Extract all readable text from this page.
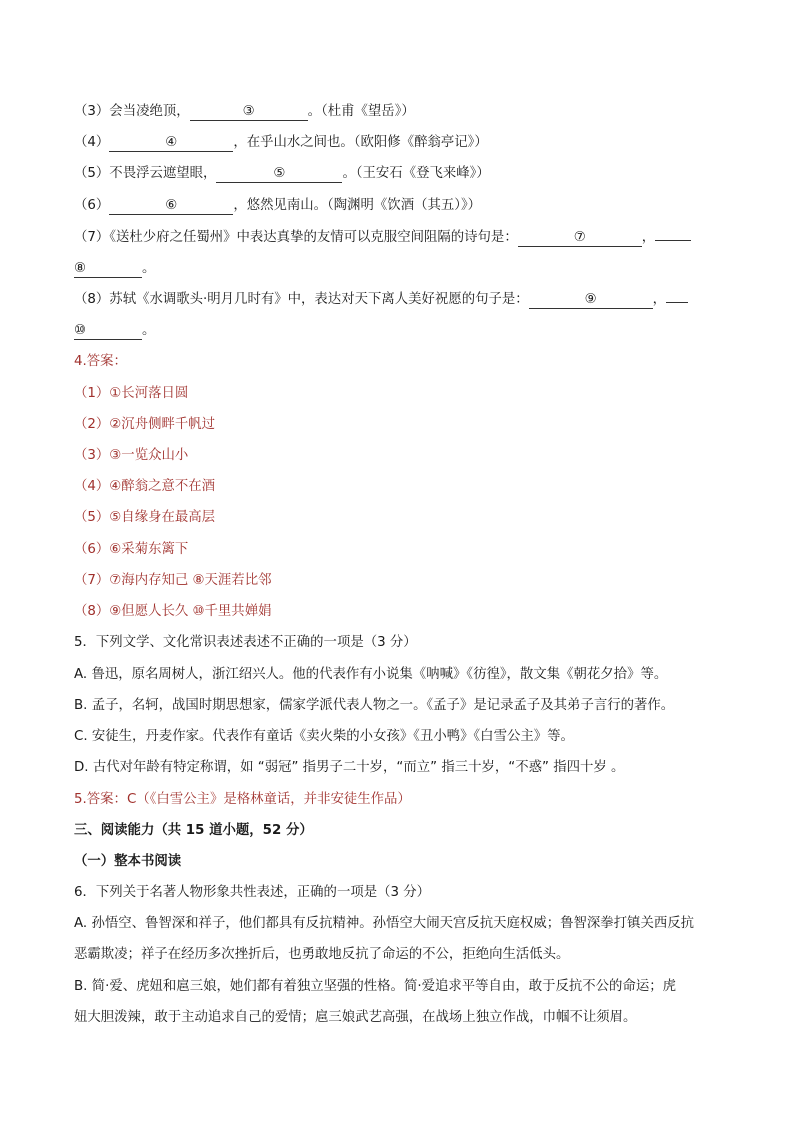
（3）会当凌绝顶，	③	。（杜甫《望岳》）
（4）	④	，在乎山水之间也。（欧阳修《醉翁亭记》）
（5）不畏浮云遮望眼，	⑤	。（王安石《登飞来峰》）
（6）	⑥	，悠然见南山。（陶渊明《饮酒（其五）》）
（7）《送杜少府之任蜀州》中表达真挚的友情可以克服空间阻隔的诗句是：	⑦	，
⑧	。
（8）苏轼《水调歌头·明月几时有》中，表达对天下离人美好祝愿的句子是：	⑨	，
⑩	。
4.答案：
（1）①长河落日圆
（2）②沉舟侧畔千帆过
（3）③一览众山小
（4）④醉翁之意不在酒
（5）⑤自缘身在最高层
（6）⑥采菊东篱下
（7）⑦海内存知己 ⑧天涯若比邻
（8）⑨但愿人长久 ⑩千里共婵娟
5．下列文学、文化常识表述表述不正确的一项是（3 分）
A. 鲁迅，原名周树人，浙江绍兴人。他的代表作有小说集《呐喊》《彷徨》，散文集《朝花夕拾》等。
B. 孟子，名轲，战国时期思想家，儒家学派代表人物之一。《孟子》是记录孟子及其弟子言行的著作。
C. 安徒生，丹麦作家。代表作有童话《卖火柴的小女孩》《丑小鸭》《白雪公主》等。
D. 古代对年龄有特定称谓，如 “弱冠” 指男子二十岁，“而立” 指三十岁，“不惑” 指四十岁 。
5.答案：C（《白雪公主》是格林童话，并非安徒生作品）
三、阅读能力（共 15 道小题，52 分）
（一）整本书阅读
6．下列关于名著人物形象共性表述，正确的一项是（3 分）
A. 孙悟空、鲁智深和祥子，他们都具有反抗精神。孙悟空大闹天宫反抗天庭权威；鲁智深拳打镇关西反抗
恶霸欺凌；祥子在经历多次挫折后，也勇敢地反抗了命运的不公，拒绝向生活低头。
B. 简·爱、虎妞和扈三娘，她们都有着独立坚强的性格。简·爱追求平等自由，敢于反抗不公的命运；虎
妞大胆泼辣，敢于主动追求自己的爱情；扈三娘武艺高强，在战场上独立作战，巾帼不让须眉。
